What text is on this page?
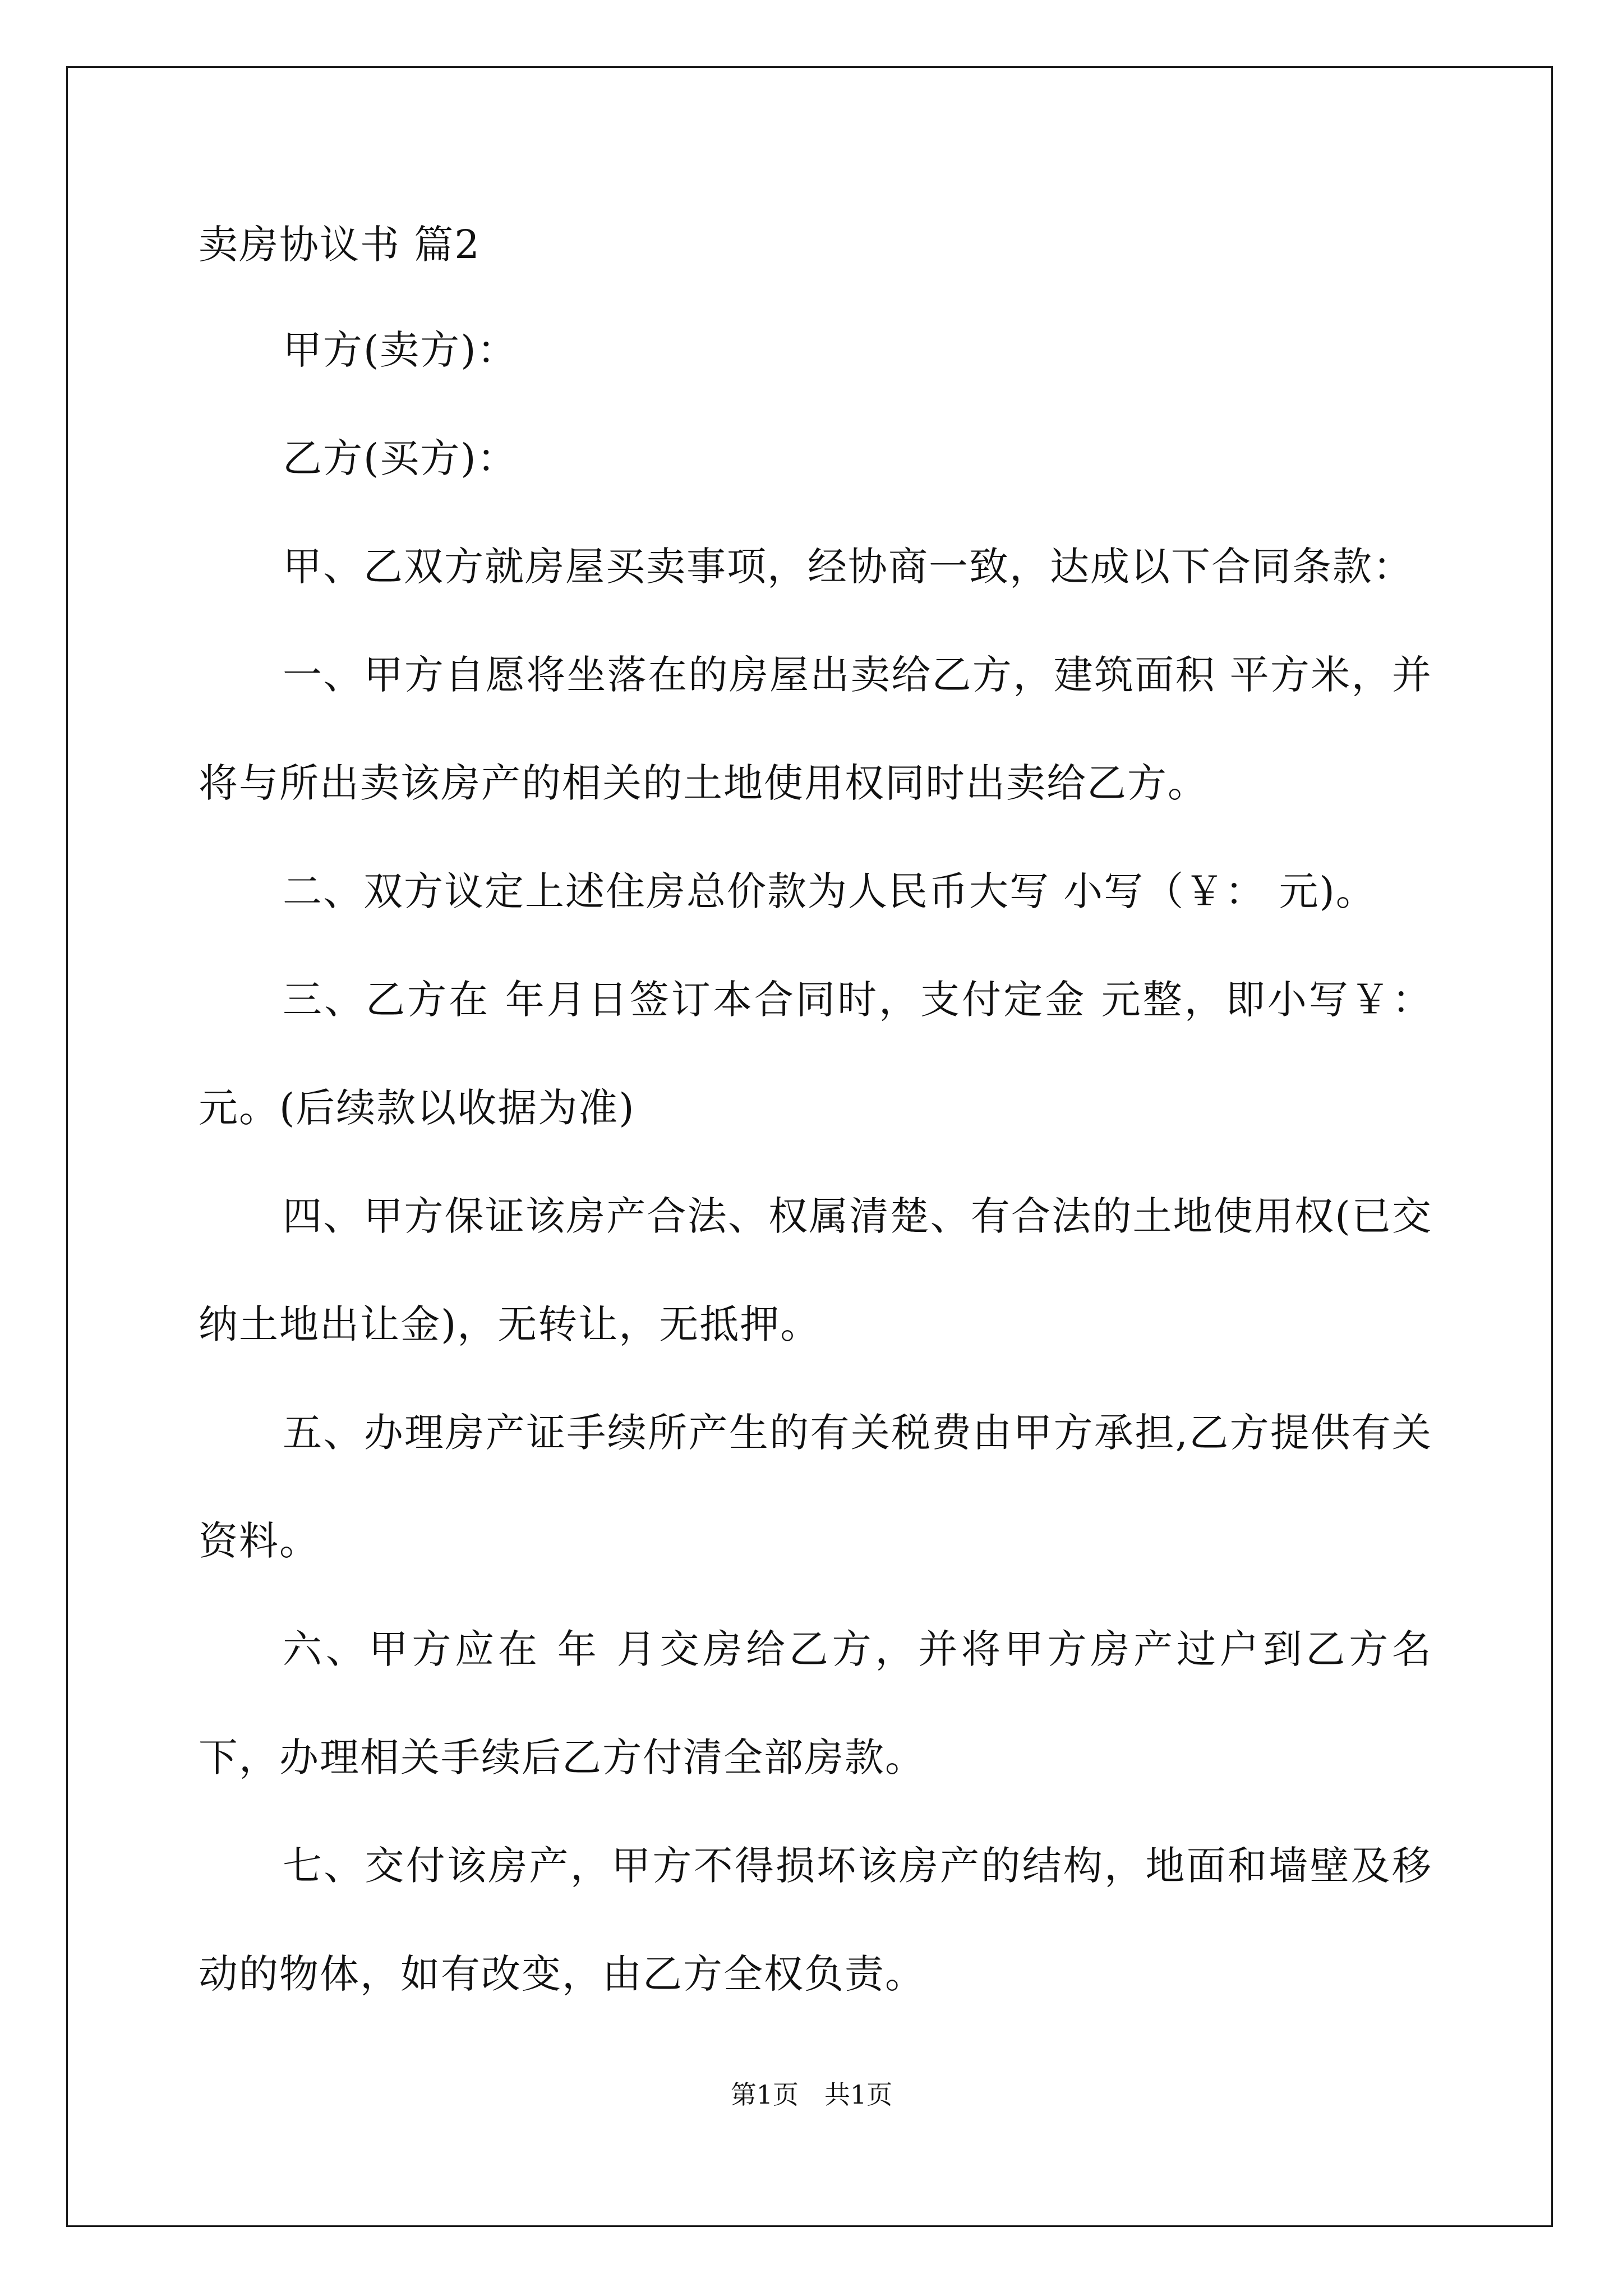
卖房协议书 篇2

甲方(卖方)：

乙方(买方)：

甲、乙双方就房屋买卖事项，经协商一致，达成以下合同条款：

一、甲方自愿将坐落在的房屋出卖给乙方，建筑面积 平方米，并将与所出卖该房产的相关的土地使用权同时出卖给乙方。

二、双方议定上述住房总价款为人民币大写 小写（￥： 元)。

三、乙方在 年月日签订本合同时，支付定金 元整，即小写￥：元。(后续款以收据为准)

四、甲方保证该房产合法、权属清楚、有合法的土地使用权(已交纳土地出让金)，无转让，无抵押。

五、办理房产证手续所产生的有关税费由甲方承担,乙方提供有关资料。

六、甲方应在 年 月交房给乙方，并将甲方房产过户到乙方名下，办理相关手续后乙方付清全部房款。

七、交付该房产，甲方不得损坏该房产的结构，地面和墙壁及移动的物体，如有改变，由乙方全权负责。

第1页　共1页
